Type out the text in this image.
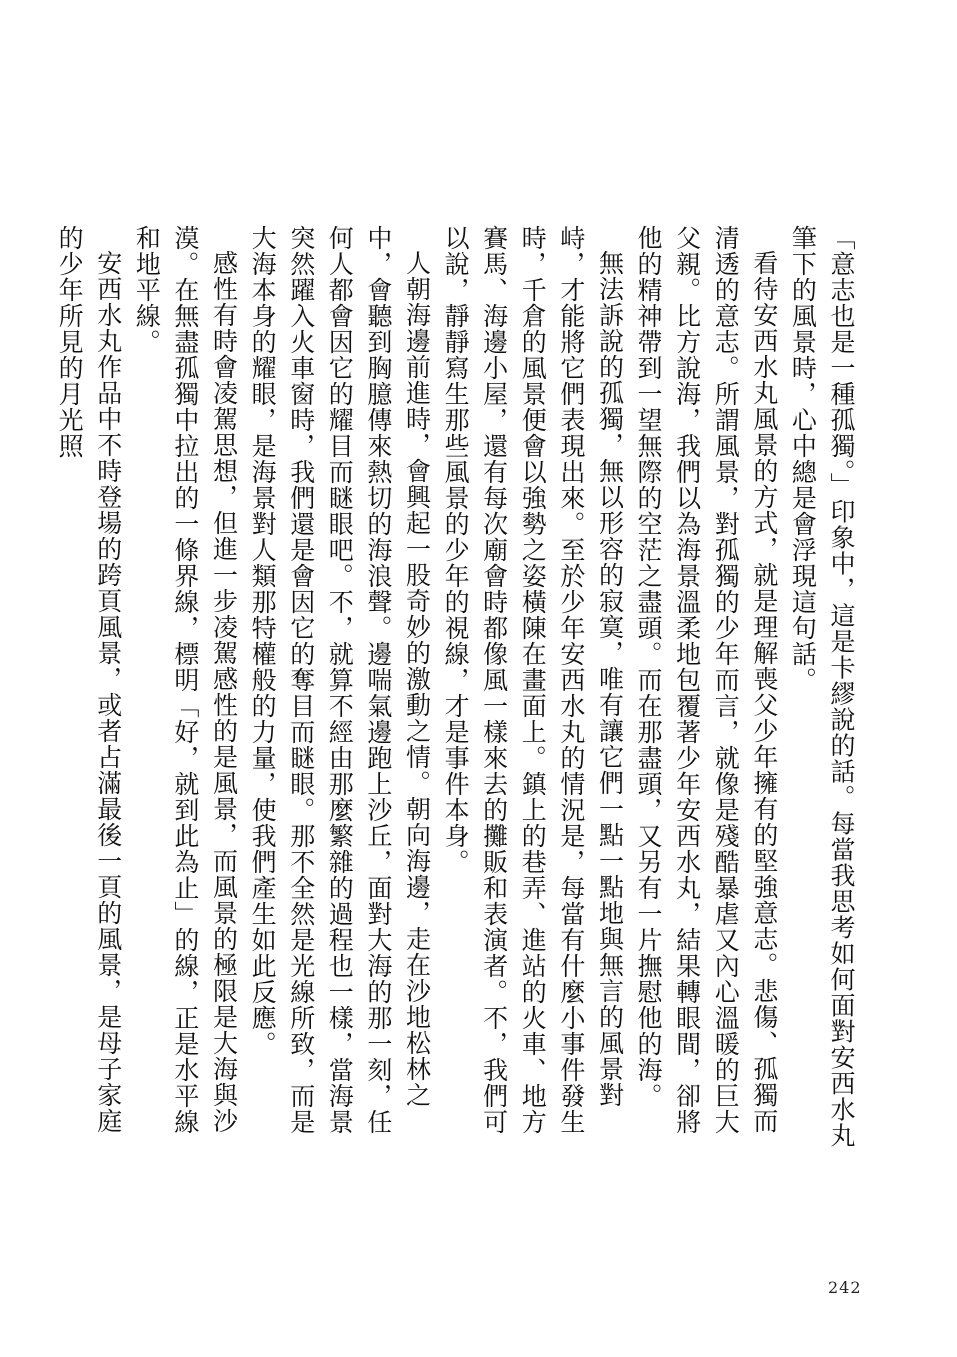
「意志也是一種孤獨。」印象中，這是卡繆說的話。每當我思考如何面對安西水丸筆下的風景時，心中總是會浮現這句話。

看待安西水丸風景的方式，就是理解喪父少年擁有的堅強意志。悲傷、孤獨而清透的意志。所謂風景，對孤獨的少年而言，就像是殘酷暴虐又內心溫暖的巨大父親。比方說海，我們以為海景溫柔地包覆著少年安西水丸，結果轉眼間，卻將他的精神帶到一望無際的空茫之盡頭。而在那盡頭，又另有一片撫慰他的海。

無法訴說的孤獨，無以形容的寂寞，唯有讓它們一點一點地與無言的風景對峙，才能將它們表現出來。至於少年安西水丸的情況是，每當有什麼小事件發生時，千倉的風景便會以強勢之姿橫陳在畫面上。鎮上的巷弄、進站的火車、地方賽馬、海邊小屋，還有每次廟會時都像風一樣來去的攤販和表演者。不，我們可以說，靜靜寫生那些風景的少年的視線，才是事件本身。

人朝海邊前進時，會興起一股奇妙的激動之情。朝向海邊，走在沙地松林之中，會聽到胸臆傳來熱切的海浪聲。邊喘氣邊跑上沙丘，面對大海的那一刻，任何人都會因它的耀目而瞇眼吧。不，就算不經由那麼繁雜的過程也一樣，當海景突然躍入火車窗時，我們還是會因它的奪目而瞇眼。那不全然是光線所致，而是大海本身的耀眼，是海景對人類那特權般的力量，使我們產生如此反應。

感性有時會凌駕思想，但進一步凌駕感性的是風景，而風景的極限是大海與沙漠。在無盡孤獨中拉出的一條界線，標明「好，就到此為止」的線，正是水平線和地平線。

安西水丸作品中不時登場的跨頁風景，或者占滿最後一頁的風景，是母子家庭的少年所見的月光照

242
